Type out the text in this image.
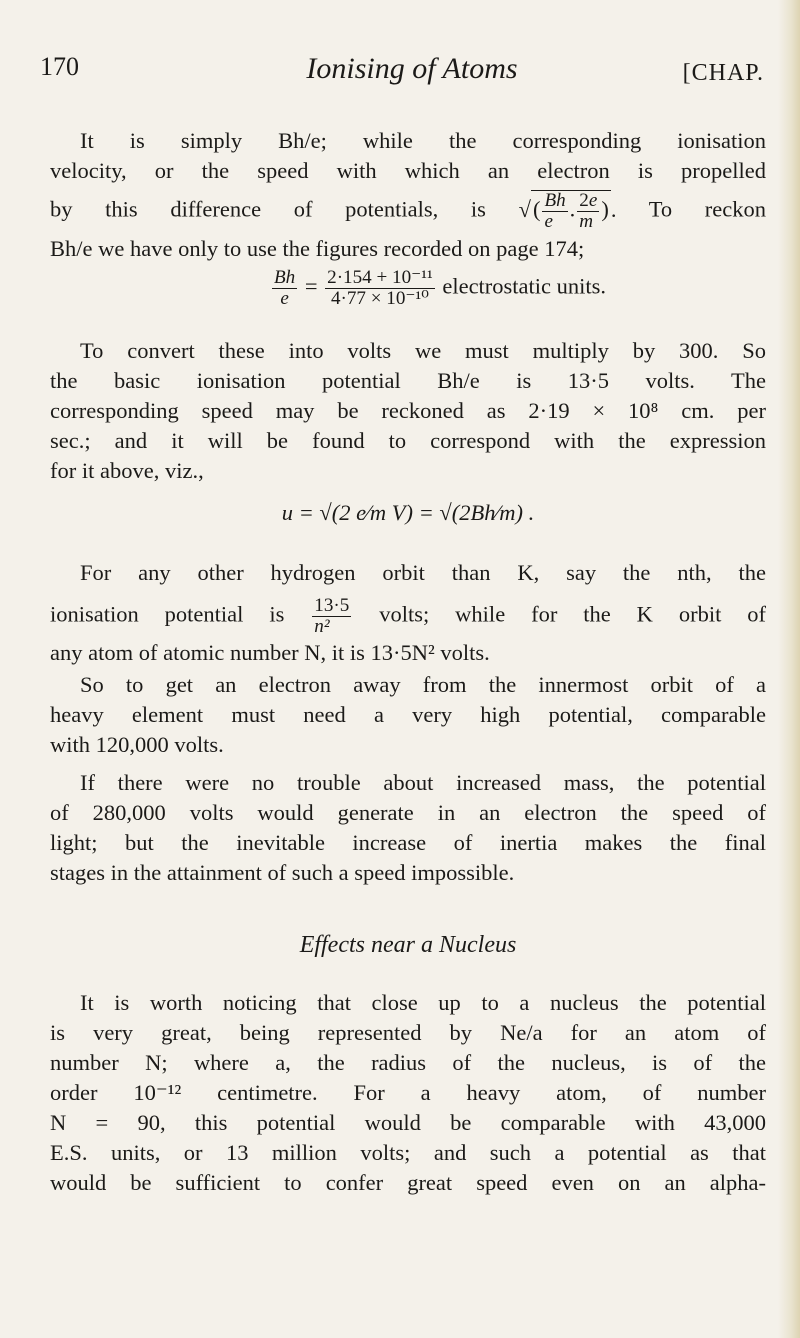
170	Ionising of Atoms	[CHAP.
It is simply Bh/e; while the corresponding ionisation
velocity, or the speed with which an electron is propelled
by this difference of potentials, is √( $\frac{Bh}{e}$ . $\frac{2e}{m}$ ). To reckon
Bh/e we have only to use the figures recorded on page 174;
$\frac{Bh}{e} = \frac{\text{2·154 + 10⁻¹¹}}{\text{4·77 × 10⁻¹⁰}}$ electrostatic units.
To convert these into volts we must multiply by 300. So
the basic ionisation potential Bh/e is 13·5 volts. The
corresponding speed may be reckoned as 2·19 × 10⁸ cm. per
sec.; and it will be found to correspond with the expression
for it above, viz.,
u = √(2 e⁄m V) = √(2Bh⁄m) .
For any other hydrogen orbit than K, say the nth, the
ionisation potential is $\frac{13\cdot 5}{\text{n²}}$ volts; while for the K orbit of
any atom of atomic number N, it is 13·5N² volts.
So to get an electron away from the innermost orbit of a
heavy element must need a very high potential, comparable
with 120,000 volts.
If there were no trouble about increased mass, the potential
of 280,000 volts would generate in an electron the speed of
light; but the inevitable increase of inertia makes the final
stages in the attainment of such a speed impossible.
Effects near a Nucleus
It is worth noticing that close up to a nucleus the potential
is very great, being represented by Ne/a for an atom of
number N; where a, the radius of the nucleus, is of the
order 10⁻¹² centimetre. For a heavy atom, of number
N = 90, this potential would be comparable with 43,000
E.S. units, or 13 million volts; and such a potential as that
would be sufficient to confer great speed even on an alpha-
